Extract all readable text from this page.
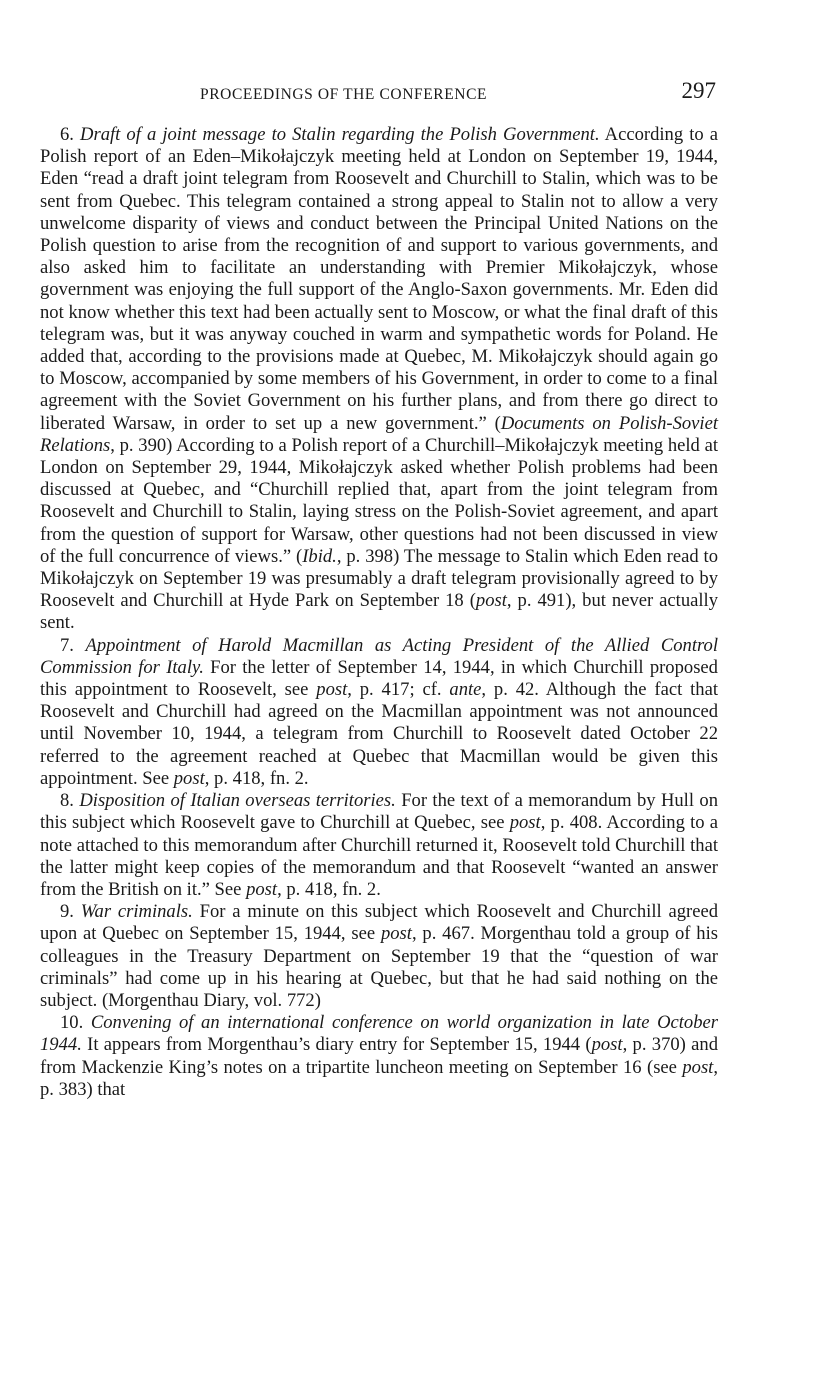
PROCEEDINGS OF THE CONFERENCE	297

6. Draft of a joint message to Stalin regarding the Polish Government. According to a Polish report of an Eden–Mikołajczyk meeting held at London on September 19, 1944, Eden “read a draft joint telegram from Roosevelt and Churchill to Stalin, which was to be sent from Quebec. This telegram contained a strong appeal to Stalin not to allow a very unwelcome disparity of views and conduct between the Principal United Nations on the Polish question to arise from the recognition of and support to various governments, and also asked him to facilitate an understanding with Premier Mikołajczyk, whose government was enjoying the full support of the Anglo-Saxon governments. Mr. Eden did not know whether this text had been actually sent to Moscow, or what the final draft of this telegram was, but it was anyway couched in warm and sympathetic words for Poland. He added that, according to the provisions made at Quebec, M. Mikołajczyk should again go to Moscow, accompanied by some members of his Government, in order to come to a final agreement with the Soviet Government on his further plans, and from there go direct to liberated Warsaw, in order to set up a new government.” (Documents on Polish-Soviet Relations, p. 390) According to a Polish report of a Churchill–Mikołajczyk meeting held at London on September 29, 1944, Mikołajczyk asked whether Polish problems had been discussed at Quebec, and “Churchill replied that, apart from the joint telegram from Roosevelt and Churchill to Stalin, laying stress on the Polish-Soviet agreement, and apart from the question of support for Warsaw, other questions had not been discussed in view of the full concurrence of views.” (Ibid., p. 398) The message to Stalin which Eden read to Mikołajczyk on September 19 was presumably a draft telegram provisionally agreed to by Roosevelt and Churchill at Hyde Park on September 18 (post, p. 491), but never actually sent.

7. Appointment of Harold Macmillan as Acting President of the Allied Control Commission for Italy. For the letter of September 14, 1944, in which Churchill proposed this appointment to Roosevelt, see post, p. 417; cf. ante, p. 42. Although the fact that Roosevelt and Churchill had agreed on the Macmillan appointment was not announced until November 10, 1944, a telegram from Churchill to Roosevelt dated October 22 referred to the agreement reached at Quebec that Macmillan would be given this appointment. See post, p. 418, fn. 2.

8. Disposition of Italian overseas territories. For the text of a memorandum by Hull on this subject which Roosevelt gave to Churchill at Quebec, see post, p. 408. According to a note attached to this memorandum after Churchill returned it, Roosevelt told Churchill that the latter might keep copies of the memorandum and that Roosevelt “wanted an answer from the British on it.” See post, p. 418, fn. 2.

9. War criminals. For a minute on this subject which Roosevelt and Churchill agreed upon at Quebec on September 15, 1944, see post, p. 467. Morgenthau told a group of his colleagues in the Treasury Department on September 19 that the “question of war criminals” had come up in his hearing at Quebec, but that he had said nothing on the subject. (Morgenthau Diary, vol. 772)

10. Convening of an international conference on world organization in late October 1944. It appears from Morgenthau’s diary entry for September 15, 1944 (post, p. 370) and from Mackenzie King’s notes on a tripartite luncheon meeting on September 16 (see post, p. 383) that
